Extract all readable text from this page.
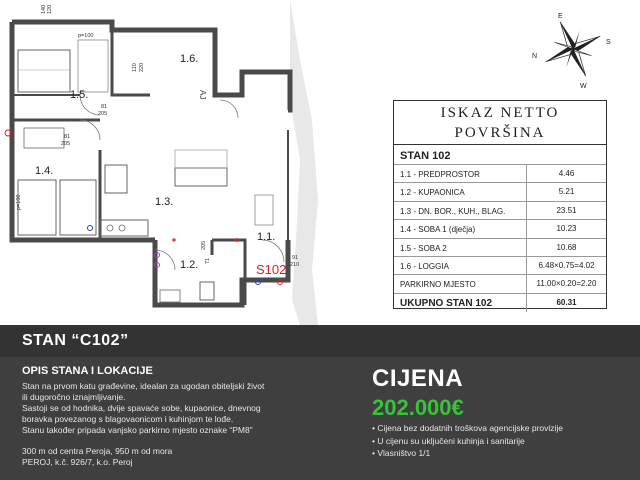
1.6.
1.5.
1.4.
1.3.
1.1.
1.2.	S102
AJ
140 120
p=100
110 220
81
205
81
205
p=100
71
205
91
210
E
S
W
N
ISKAZ NETTO
POVRŠINA
STAN 102
1.1 - PREDPROSTOR	4.46
1.2 - KUPAONICA	5.21
1.3 - DN. BOR., KUH., BLAG.	23.51
1.4 - SOBA 1 (dječja)	10.23
1.5 - SOBA 2	10.68
1.6 - LOGGIA	6.48×0.75=4.02
PARKIRNO MJESTO	11.00×0.20=2.20
UKUPNO STAN 102	60.31
STAN “C102”
OPIS STANA I LOKACIJE
Stan na prvom katu građevine, idealan za ugodan obiteljski život
ili dugoročno iznajmljivanje.
Sastoji se od hodnika, dvije spavaće sobe, kupaonice, dnevnog
boravka povezanog s blagovaonicom i kuhinjom te lođe.
Stanu također pripada vanjsko parkirno mjesto oznake “PM8”
300 m od centra Peroja, 950 m od mora
PEROJ, k.č. 926/7, k.o. Peroj
CIJENA
202.000€
• Cijena bez dodatnih troškova agencijske provizije
• U cijenu su uključeni kuhinja i sanitarije
• Vlasništvo 1/1
